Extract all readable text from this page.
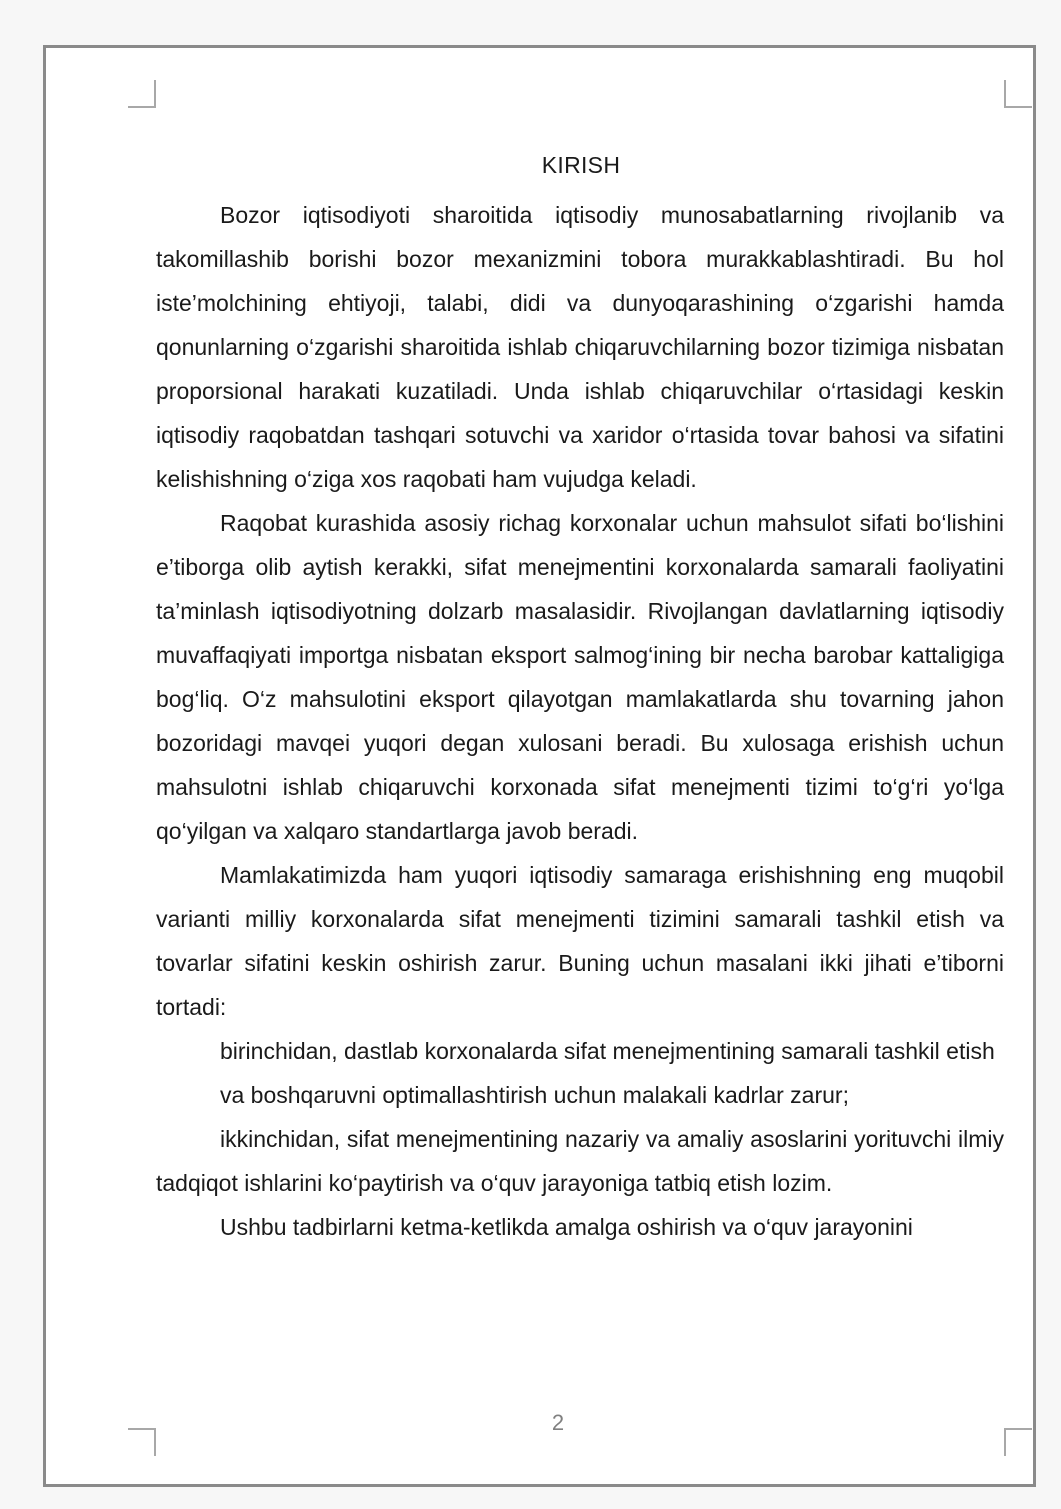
KIRISH

Bozor iqtisodiyoti sharoitida iqtisodiy munosabatlarning rivojlanib va takomillashib borishi bozor mexanizmini tobora murakkablashtiradi. Bu hol iste’molchining ehtiyoji, talabi, didi va dunyoqarashining o‘zgarishi hamda qonunlarning o‘zgarishi sharoitida ishlab chiqaruvchilarning bozor tizimiga nisbatan proporsional harakati kuzatiladi. Unda ishlab chiqaruvchilar o‘rtasidagi keskin iqtisodiy raqobatdan tashqari sotuvchi va xaridor o‘rtasida tovar bahosi va sifatini kelishishning o‘ziga xos raqobati ham vujudga keladi.

Raqobat kurashida asosiy richag korxonalar uchun mahsulot sifati bo‘lishini e’tiborga olib aytish kerakki, sifat menejmentini korxonalarda samarali faoliyatini ta’minlash iqtisodiyotning dolzarb masalasidir. Rivojlangan davlatlarning iqtisodiy muvaffaqiyati importga nisbatan eksport salmog‘ining bir necha barobar kattaligiga bog‘liq. O‘z mahsulotini eksport qilayotgan mamlakatlarda shu tovarning jahon bozoridagi mavqei yuqori degan xulosani beradi. Bu xulosaga erishish uchun mahsulotni ishlab chiqaruvchi korxonada sifat menejmenti tizimi to‘g‘ri yo‘lga qo‘yilgan va xalqaro standartlarga javob beradi.

Mamlakatimizda ham yuqori iqtisodiy samaraga erishishning eng muqobil varianti milliy korxonalarda sifat menejmenti tizimini samarali tashkil etish va tovarlar sifatini keskin oshirish zarur. Buning uchun masalani ikki jihati e’tiborni tortadi:

birinchidan, dastlab korxonalarda sifat menejmentining samarali tashkil etish

va boshqaruvni optimallashtirish uchun malakali kadrlar zarur;

ikkinchidan, sifat menejmentining nazariy va amaliy asoslarini yorituvchi ilmiy tadqiqot ishlarini ko‘paytirish va o‘quv jarayoniga tatbiq etish lozim.

Ushbu tadbirlarni ketma-ketlikda amalga oshirish va o‘quv jarayonini

2
